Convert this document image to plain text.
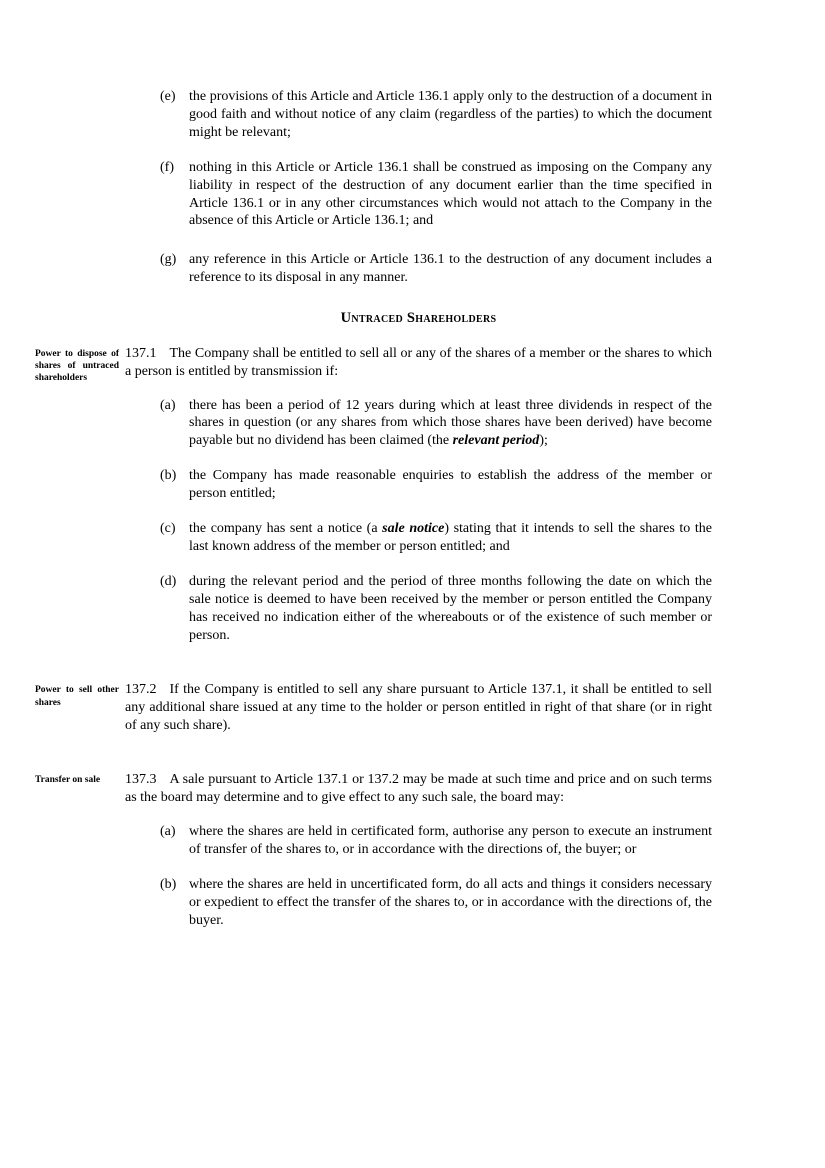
(e) the provisions of this Article and Article 136.1 apply only to the destruction of a document in good faith and without notice of any claim (regardless of the parties) to which the document might be relevant;
(f)	nothing in this Article or Article 136.1 shall be construed as imposing on the Company any liability in respect of the destruction of any document earlier than the time specified in Article 136.1 or in any other circumstances which would not attach to the Company in the absence of this Article or Article 136.1; and
(g) any reference in this Article or Article 136.1 to the destruction of any document includes a reference to its disposal in any manner.
Untraced Shareholders
Power to dispose of shares of untraced shareholders

137.1 The Company shall be entitled to sell all or any of the shares of a member or the shares to which a person is entitled by transmission if:

(a) there has been a period of 12 years during which at least three dividends in respect of the shares in question (or any shares from which those shares have been derived) have become payable but no dividend has been claimed (the relevant period);
(b) the Company has made reasonable enquiries to establish the address of the member or person entitled;
(c) the company has sent a notice (a sale notice) stating that it intends to sell the shares to the last known address of the member or person entitled; and
(d) during the relevant period and the period of three months following the date on which the sale notice is deemed to have been received by the member or person entitled the Company has received no indication either of the whereabouts or of the existence of such member or person.
Power to sell other shares

137.2 If the Company is entitled to sell any share pursuant to Article 137.1, it shall be entitled to sell any additional share issued at any time to the holder or person entitled in right of that share (or in right of any such share).

Transfer on sale	137.3 A sale pursuant to Article 137.1 or 137.2 may be made at such time and price and on such terms as the board may determine and to give effect to any such sale, the board may:

(a) where the shares are held in certificated form, authorise any person to execute an instrument of transfer of the shares to, or in accordance with the directions of, the buyer; or
(b) where the shares are held in uncertificated form, do all acts and things it considers necessary or expedient to effect the transfer of the shares to, or in accordance with the directions of, the buyer.
